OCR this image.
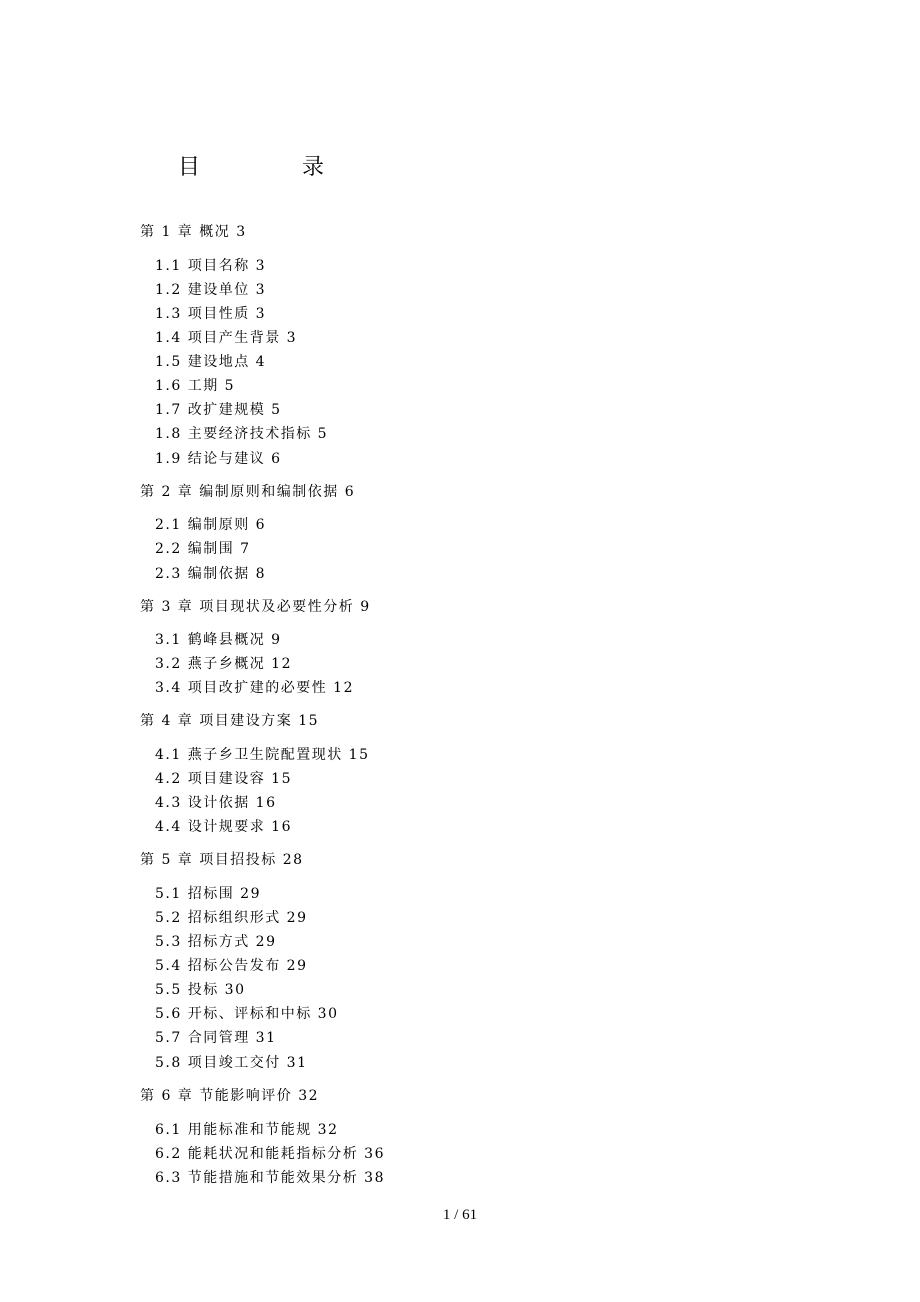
目	录
第 1 章 概况 3
1.1 项目名称 3
1.2 建设单位 3
1.3 项目性质 3
1.4 项目产生背景 3
1.5 建设地点 4
1.6 工期 5
1.7 改扩建规模 5
1.8 主要经济技术指标 5
1.9 结论与建议 6
第 2 章 编制原则和编制依据 6
2.1 编制原则 6
2.2 编制围 7
2.3 编制依据 8
第 3 章 项目现状及必要性分析 9
3.1 鹤峰县概况 9
3.2 燕子乡概况 12
3.4 项目改扩建的必要性 12
第 4 章 项目建设方案 15
4.1 燕子乡卫生院配置现状 15
4.2 项目建设容 15
4.3 设计依据 16
4.4 设计规要求 16
第 5 章 项目招投标 28
5.1 招标围 29
5.2 招标组织形式 29
5.3 招标方式 29
5.4 招标公告发布 29
5.5 投标 30
5.6 开标、评标和中标 30
5.7 合同管理 31
5.8 项目竣工交付 31
第 6 章 节能影响评价 32
6.1 用能标准和节能规 32
6.2 能耗状况和能耗指标分析 36
6.3 节能措施和节能效果分析 38
1 / 61
